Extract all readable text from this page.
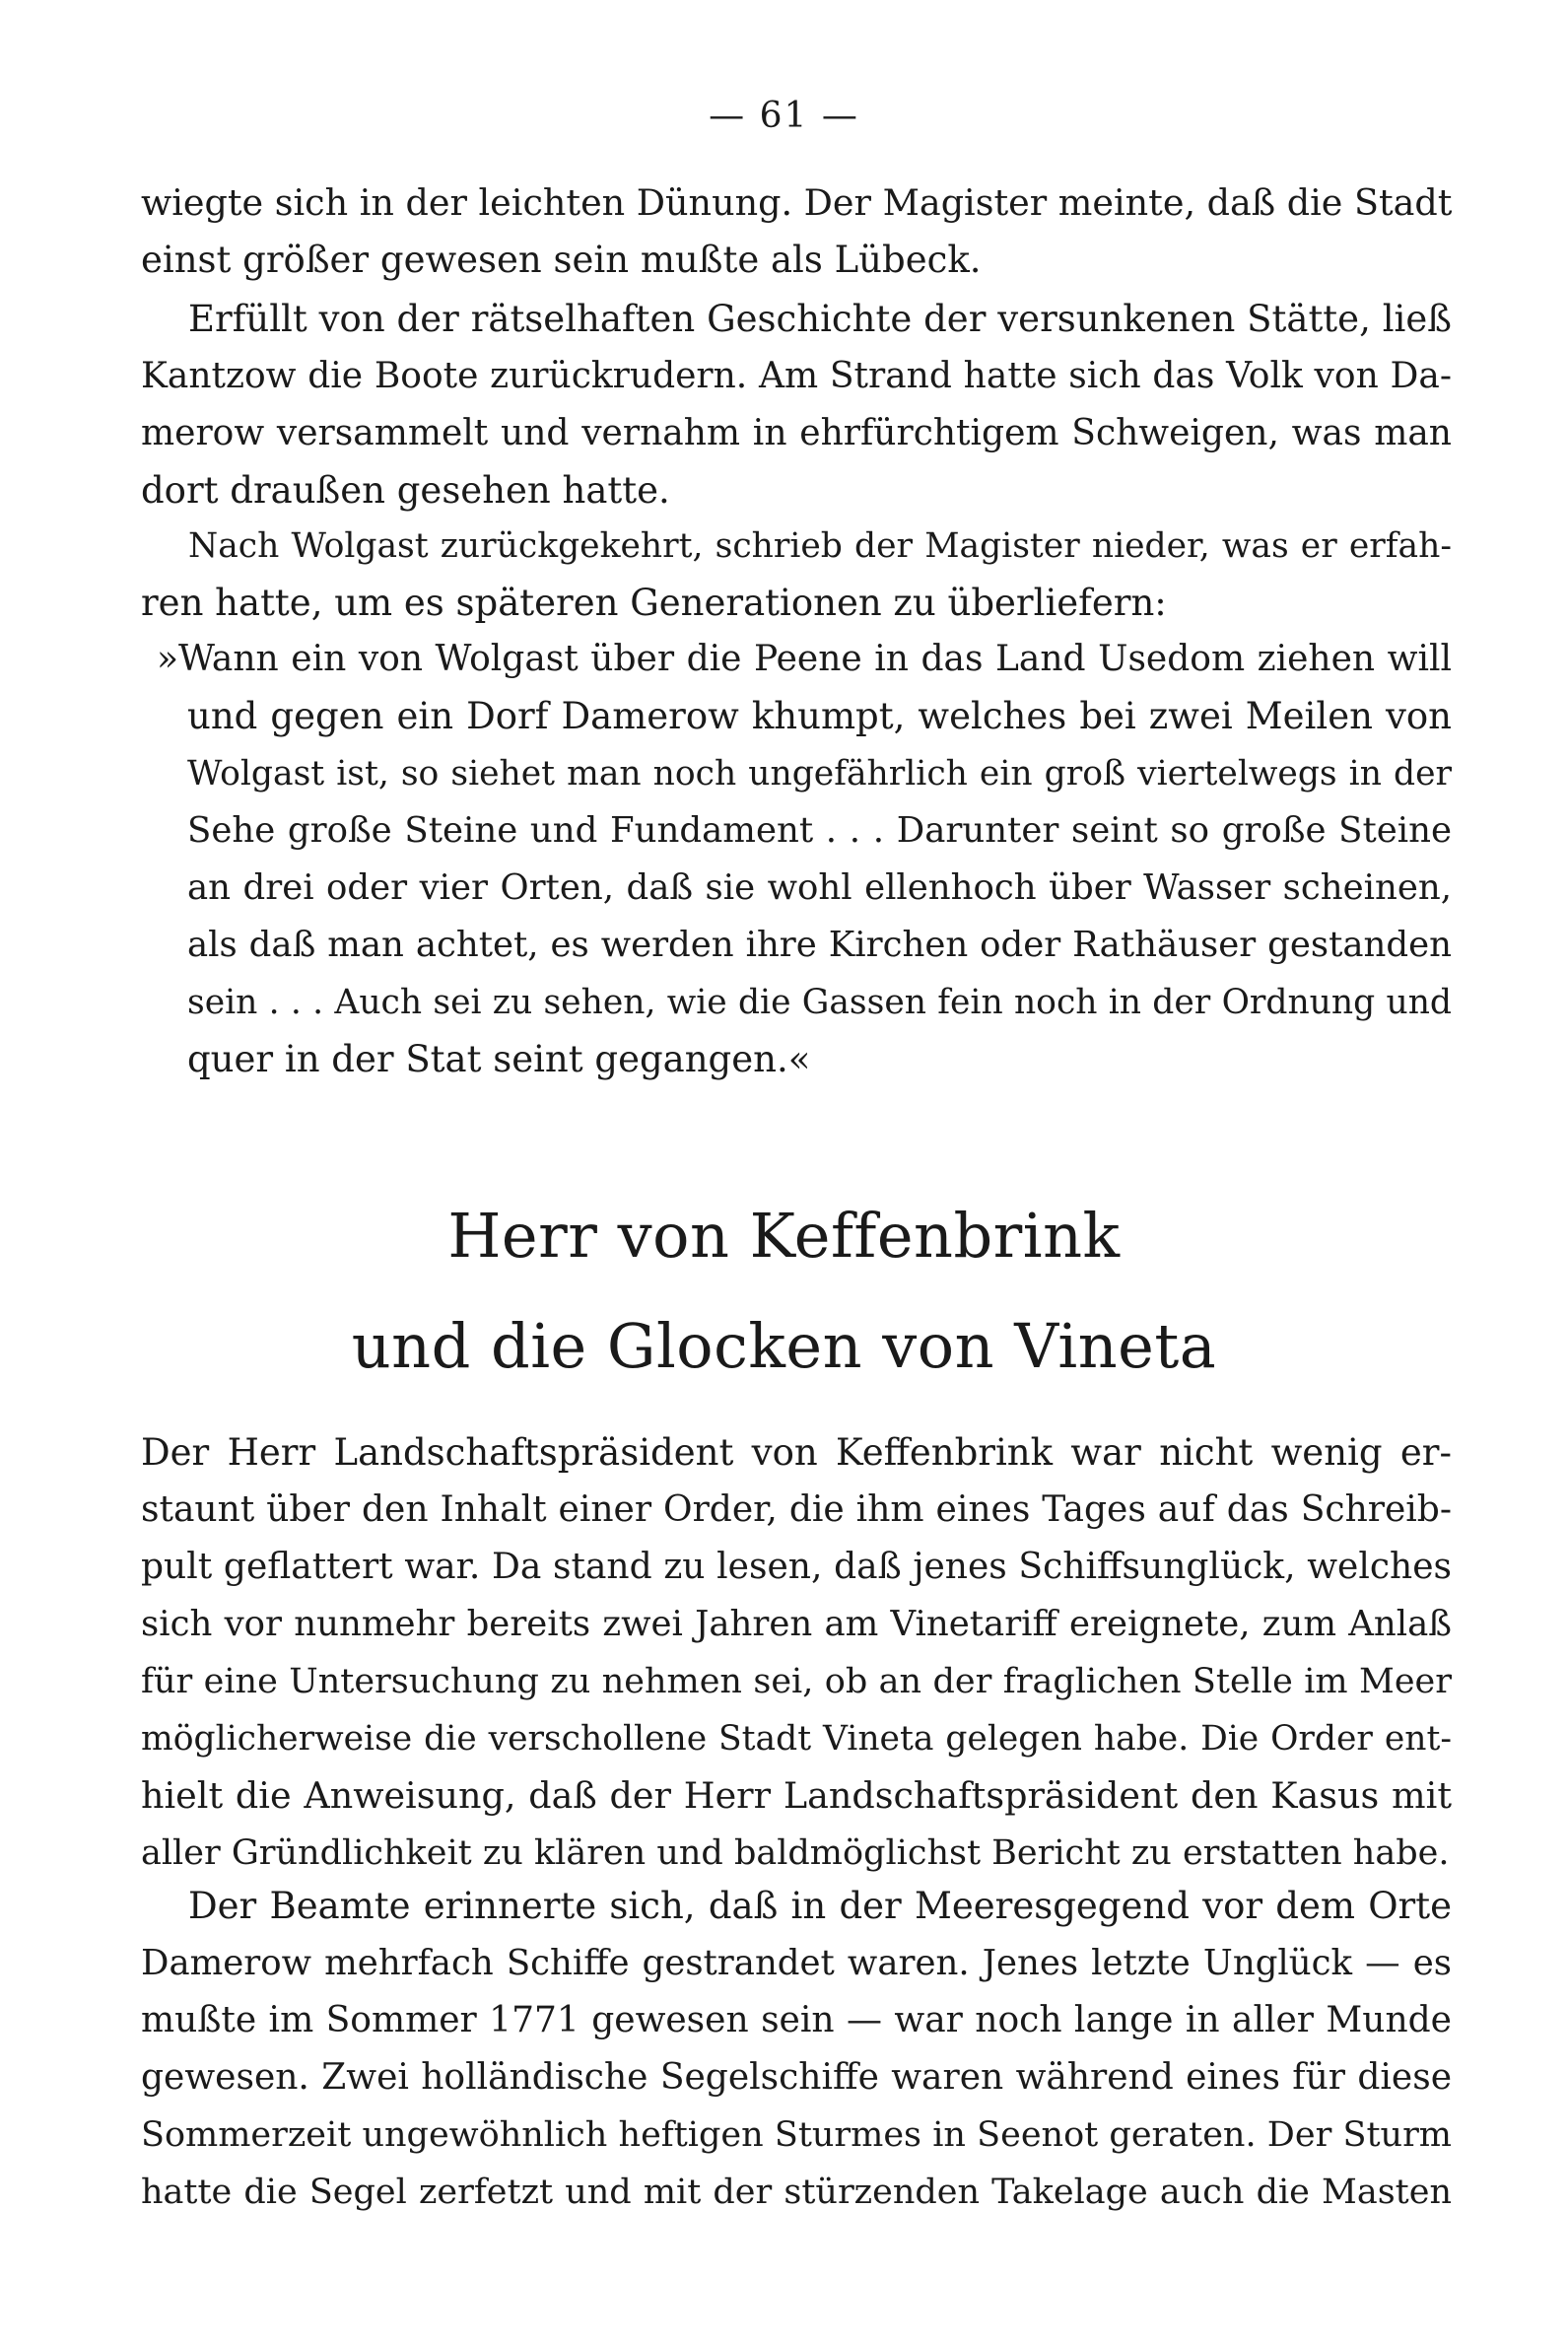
— 61 —
wiegte sich in der leichten Dünung. Der Magister meinte, daß die Stadt
einst größer gewesen sein mußte als Lübeck.
Erfüllt von der rätselhaften Geschichte der versunkenen Stätte, ließ
Kantzow die Boote zurückrudern. Am Strand hatte sich das Volk von Da-
merow versammelt und vernahm in ehrfürchtigem Schweigen, was man
dort draußen gesehen hatte.
Nach Wolgast zurückgekehrt, schrieb der Magister nieder, was er erfah-
ren hatte, um es späteren Generationen zu überliefern:
»Wann ein von Wolgast über die Peene in das Land Usedom ziehen will
und gegen ein Dorf Damerow khumpt, welches bei zwei Meilen von
Wolgast ist, so siehet man noch ungefährlich ein groß viertelwegs in der
Sehe große Steine und Fundament . . . Darunter seint so große Steine
an drei oder vier Orten, daß sie wohl ellenhoch über Wasser scheinen,
als daß man achtet, es werden ihre Kirchen oder Rathäuser gestanden
sein . . . Auch sei zu sehen, wie die Gassen fein noch in der Ordnung und
quer in der Stat seint gegangen.«
Herr von Keffenbrink
und die Glocken von Vineta
Der Herr Landschaftspräsident von Keffenbrink war nicht wenig er-
staunt über den Inhalt einer Order, die ihm eines Tages auf das Schreib-
pult geflattert war. Da stand zu lesen, daß jenes Schiffsunglück, welches
sich vor nunmehr bereits zwei Jahren am Vinetariff ereignete, zum Anlaß
für eine Untersuchung zu nehmen sei, ob an der fraglichen Stelle im Meer
möglicherweise die verschollene Stadt Vineta gelegen habe. Die Order ent-
hielt die Anweisung, daß der Herr Landschaftspräsident den Kasus mit
aller Gründlichkeit zu klären und baldmöglichst Bericht zu erstatten habe.
Der Beamte erinnerte sich, daß in der Meeresgegend vor dem Orte
Damerow mehrfach Schiffe gestrandet waren. Jenes letzte Unglück — es
mußte im Sommer 1771 gewesen sein — war noch lange in aller Munde
gewesen. Zwei holländische Segelschiffe waren während eines für diese
Sommerzeit ungewöhnlich heftigen Sturmes in Seenot geraten. Der Sturm
hatte die Segel zerfetzt und mit der stürzenden Takelage auch die Masten
